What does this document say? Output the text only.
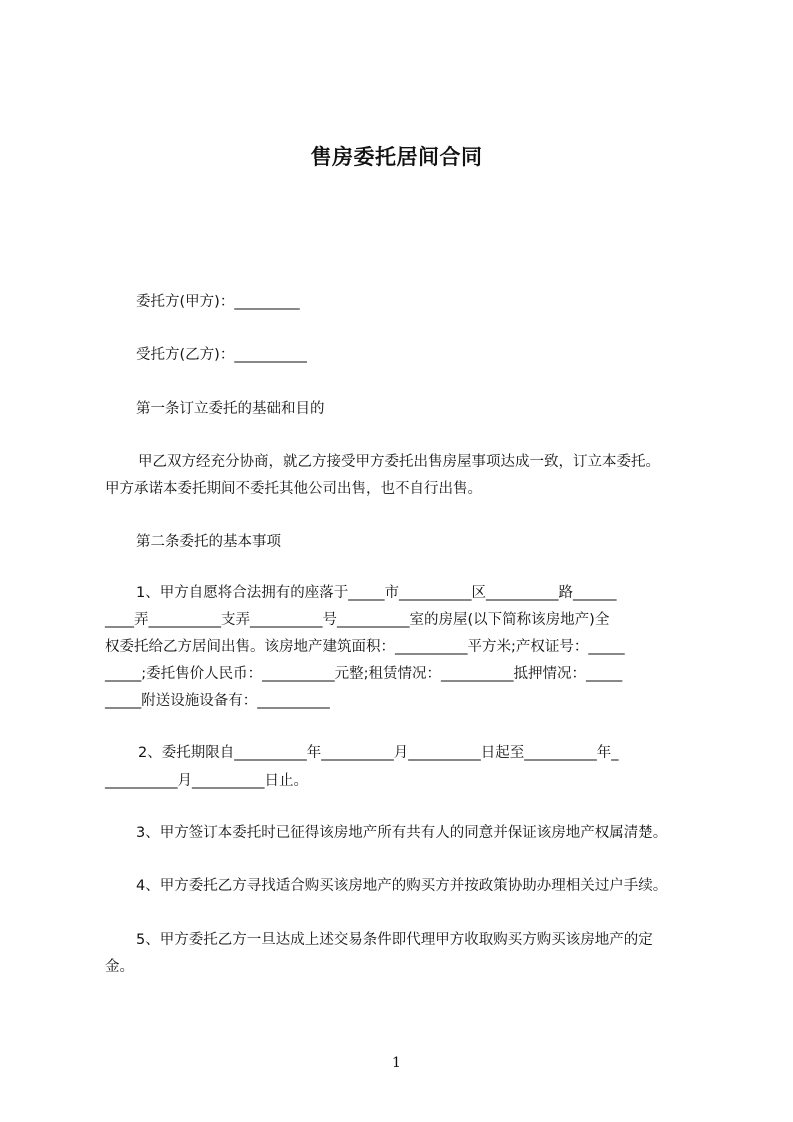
售房委托居间合同
委托方(甲方)：_________
受托方(乙方)：__________
第一条订立委托的基础和目的
甲乙双方经充分协商，就乙方接受甲方委托出售房屋事项达成一致，订立本委托。
甲方承诺本委托期间不委托其他公司出售，也不自行出售。
第二条委托的基本事项
1、甲方自愿将合法拥有的座落于_____市__________区__________路______
____弄__________支弄__________号__________室的房屋(以下简称该房地产)全
权委托给乙方居间出售。该房地产建筑面积：__________平方米;产权证号：_____
_____;委托售价人民币：__________元整;租赁情况：__________抵押情况：_____
_____附送设施设备有：__________
2、委托期限自__________年__________月__________日起至__________年_
__________月__________日止。
3、甲方签订本委托时已征得该房地产所有共有人的同意并保证该房地产权属清楚。
4、甲方委托乙方寻找适合购买该房地产的购买方并按政策协助办理相关过户手续。
5、甲方委托乙方一旦达成上述交易条件即代理甲方收取购买方购买该房地产的定
金。
1
